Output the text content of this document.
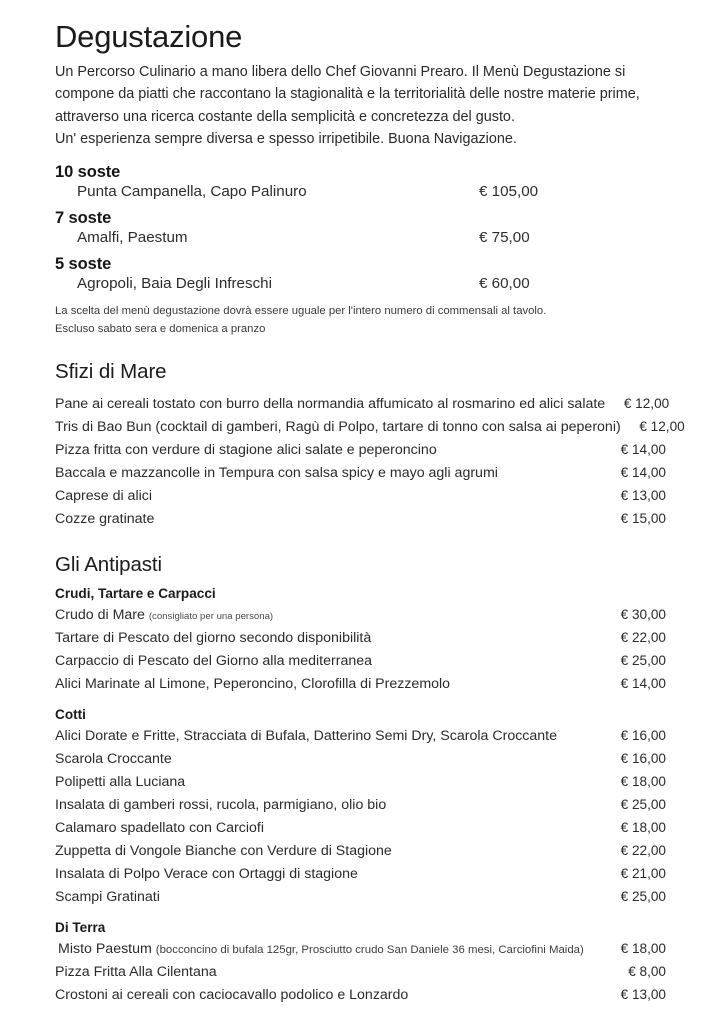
Degustazione

Un Percorso Culinario a mano libera dello Chef Giovanni Prearo. Il Menù Degustazione si
compone da piatti che raccontano la stagionalità e la territorialità delle nostre materie prime,
attraverso una ricerca costante della semplicità e concretezza del gusto.
Un' esperienza sempre diversa e spesso irripetibile. Buona Navigazione.

10 soste
Punta Campanella, Capo Palinuro	€ 105,00
7 soste
Amalfi, Paestum	€ 75,00
5 soste
Agropoli, Baia Degli Infreschi	€ 60,00
La scelta del menù degustazione dovrà essere uguale per l'intero numero di commensali al tavolo.
Escluso sabato sera e domenica a pranzo
Sfizi di Mare
Pane ai cereali tostato con burro della normandia affumicato al rosmarino ed alici salate	€ 12,00
Tris di Bao Bun (cocktail di gamberi, Ragù di Polpo, tartare di tonno con salsa ai peperoni)	€ 12,00
Pizza fritta con verdure di stagione alici salate e peperoncino	€ 14,00
Baccala e mazzancolle in Tempura con salsa spicy e mayo agli agrumi	€ 14,00
Caprese di alici	€ 13,00
Cozze gratinate	€ 15,00
Gli Antipasti
Crudi, Tartare e Carpacci
Crudo di Mare (consigliato per una persona)	€ 30,00
Tartare di Pescato del giorno secondo disponibilità	€ 22,00
Carpaccio di Pescato del Giorno alla mediterranea	€ 25,00
Alici Marinate al Limone, Peperoncino, Clorofilla di Prezzemolo	€ 14,00
Cotti
Alici Dorate e Fritte, Stracciata di Bufala, Datterino Semi Dry, Scarola Croccante	€ 16,00
Scarola Croccante	€ 16,00
Polipetti alla Luciana	€ 18,00
Insalata di gamberi rossi, rucola, parmigiano, olio bio	€ 25,00
Calamaro spadellato con Carciofi	€ 18,00
Zuppetta di Vongole Bianche con Verdure di Stagione	€ 22,00
Insalata di Polpo Verace con Ortaggi di stagione	€ 21,00
Scampi Gratinati	€ 25,00
Di Terra
Misto Paestum (bocconcino di bufala 125gr, Prosciutto crudo San Daniele 36 mesi, Carciofini Maida)	€ 18,00
Pizza Fritta Alla Cilentana	€ 8,00
Crostoni ai cereali con caciocavallo podolico e Lonzardo	€ 13,00
